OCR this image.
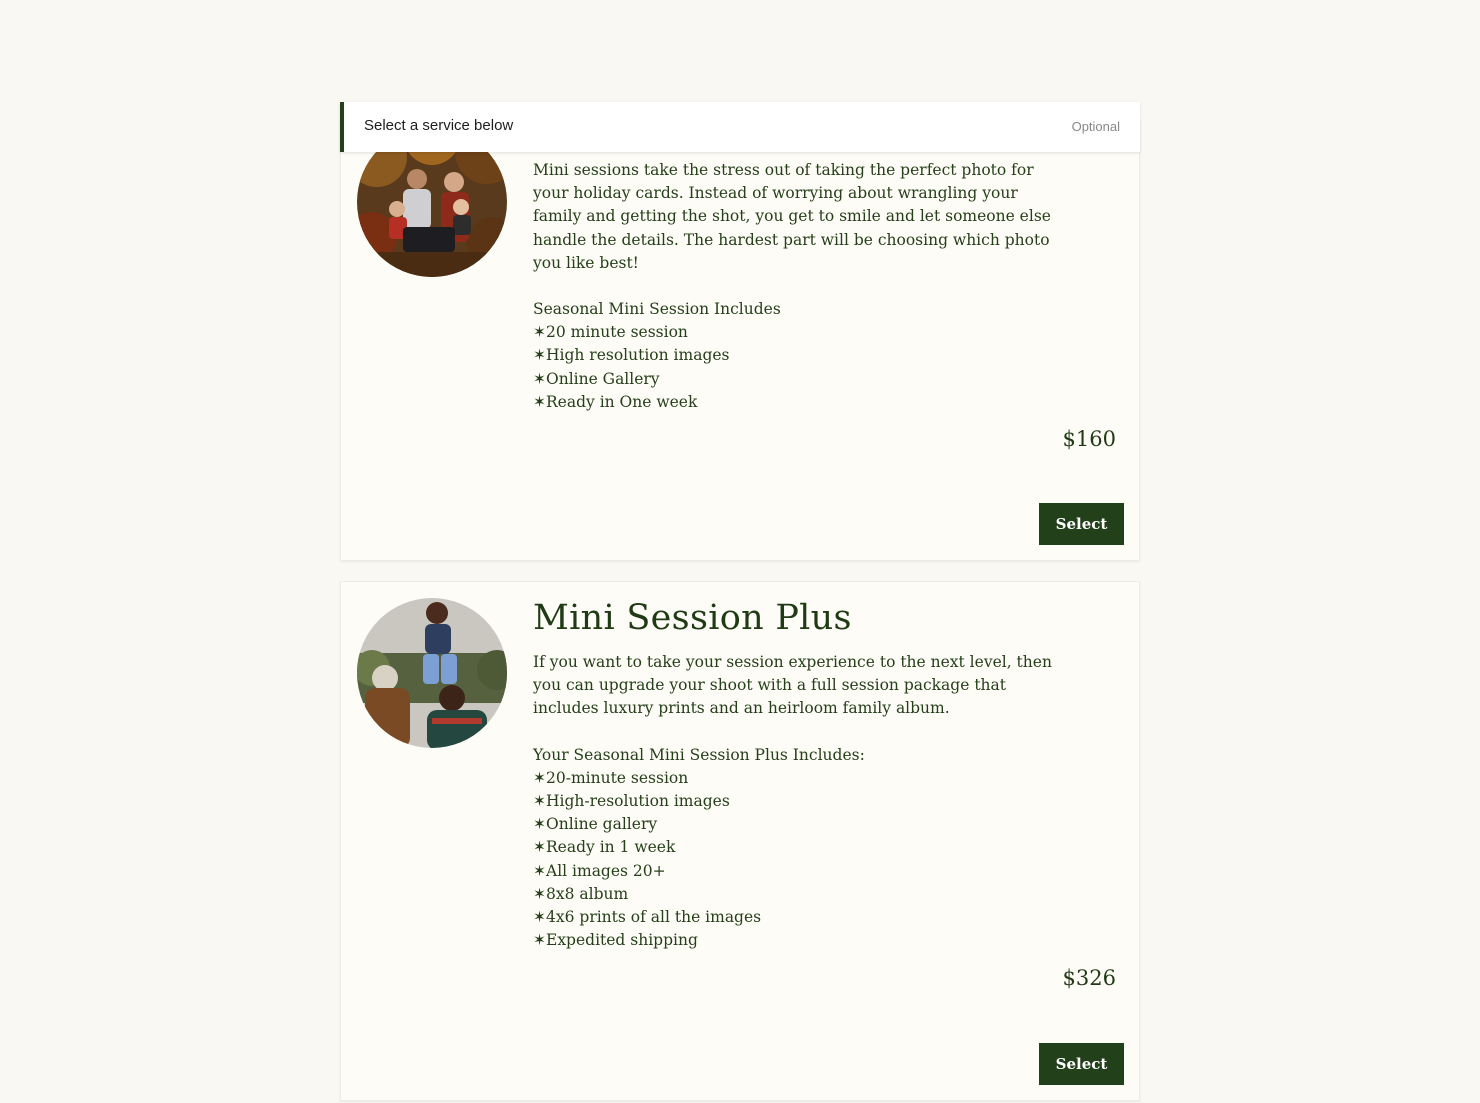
Mini sessions take the stress out of taking the perfect photo for your holiday cards. Instead of worrying about wrangling your family and getting the shot, you get to smile and let someone else handle the details. The hardest part will be choosing which photo you like best!

Seasonal Mini Session Includes

✶ 20 minute session

✶ High resolution images

✶ Online Gallery

✶ Ready in One week

$160
Select
Mini Session Plus

If you want to take your session experience to the next level, then you can upgrade your shoot with a full session package that includes luxury prints and an heirloom family album.

Your Seasonal Mini Session Plus Includes:

✶ 20-minute session

✶ High-resolution images

✶ Online gallery

✶ Ready in 1 week

✶ All images 20+

✶ 8x8 album

✶ 4x6 prints of all the images

✶ Expedited shipping

$326
Select
Select a service below	Optional
